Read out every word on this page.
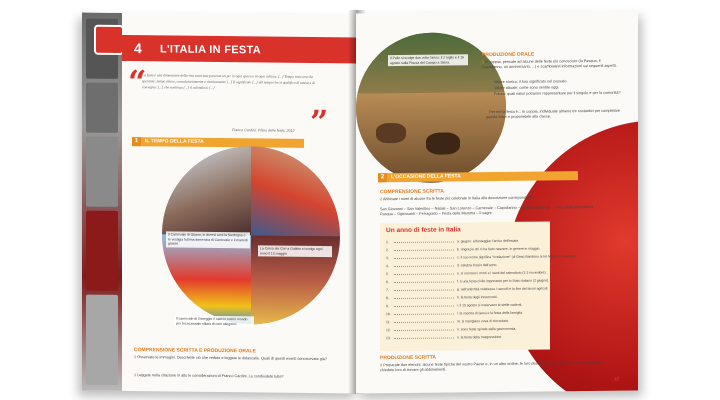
4 L'ITALIA IN FESTA
“
La festa è una dimensione della vita associata presente un po' in ogni epoca e in ogni cultura. [...] Tempo trascorso da speranze, tempo atteso, consolatoriamente e ritmicamente [...] Il significato [...] del tempo che si qualifica di attesa e di consegna: [...] che continua [...] il calendario [...]
”
Franco Cardini, Il libro delle feste, 2012
1	IL TEMPO DELLA FESTA
Il Carnevale di Ottana, in diversi anni la Sardegna e le vestigia l'ultima domenica di Carnevale e il martedì grasso
La Corsa dei Ceri a Gubbio si svolge ogni anno il 15 maggio
Il carnevale di Viareggio è nato in tutto il mondo per l'eccezionale sfilata di carri allegorici
COMPRENSIONE SCRITTA E PRODUZIONE ORALE
1 Osservate le immagini. Descrivete ciò che vedete e leggete le didascalie. Quali di questi eventi conoscevate già?
1 Leggete nella citazione in alto le considerazioni di Franco Cardini. Le condividete tutte?
Il Palio si svolge due volte l'anno: il 2 luglio e il 16 agosto sulla Piazza del Campo a Siena.
PRODUZIONE ORALE
1 In coppia, pensate ad alcune delle feste più conosciute (la Pasqua, il Capodanno, un anniversario, ...) e scambiatevi informazioni sui seguenti aspetti.
Valore storico: il loro significato nel passato.
Valore attuale: come sono sentite oggi.
Futuro: quali valori potranno rappresentare per il singolo e per la comunità?
1 Per me la festa è... In coppia, individuate almeno tre sostantivi per completare questa frase e proponetele alla classe.
2	L'OCCASIONE DELLA FESTA
COMPRENSIONE SCRITTA
2 Abbinate i nomi di alcune fra le feste più celebrate in Italia alla descrizione corrispondente.
San Giovanni – San Valentino – Natale – San Lorenzo – Carnevale – Capodanno – Epifania (Befana) – Festa della Repubblica – Pasqua – Ognissanti – Ferragosto – Festa della Mamma – Il sagre
Un anno di feste in Italia
1.	a. giugno: al festeggiar l'arrivo dell'estate.
2.	b. ringrazia chi ci ha fatto nascere, in genere in maggio.
3.	c. il suo nome significa "rivelazione" (di Gesù Bambino ai tre Magi), il 6 gennaio.
4.	d. celebra l'inizio dell'anno.
5.	e. si onorano i morti e i santi del calendario (1-2 novembre).
6.	f. è una festa civile importante per lo Stato italiano (2 giugno).
7.	g. nell'antichità celebrava i raccolti e la fine dei lavori agricoli.
8.	h. la festa degli innamorati.
9.	i. il 15 agosto si osservano le stelle cadenti.
10.	l. la nascita di Gesù e la festa della famiglia.
11.	m. si mangiano uova di cioccolata.
12.	n. sono feste spirate dalla gastronomia.
13.	o. la festa della trasgressione.
PRODUZIONE SCRITTA
2 Preparate due elenchi: alcune feste tipiche del vostro Paese e, in un altro ordine, le loro descrizioni; mostrateli ai vostri compagni e chiedete loro di trovare gli abbinamenti.
47
